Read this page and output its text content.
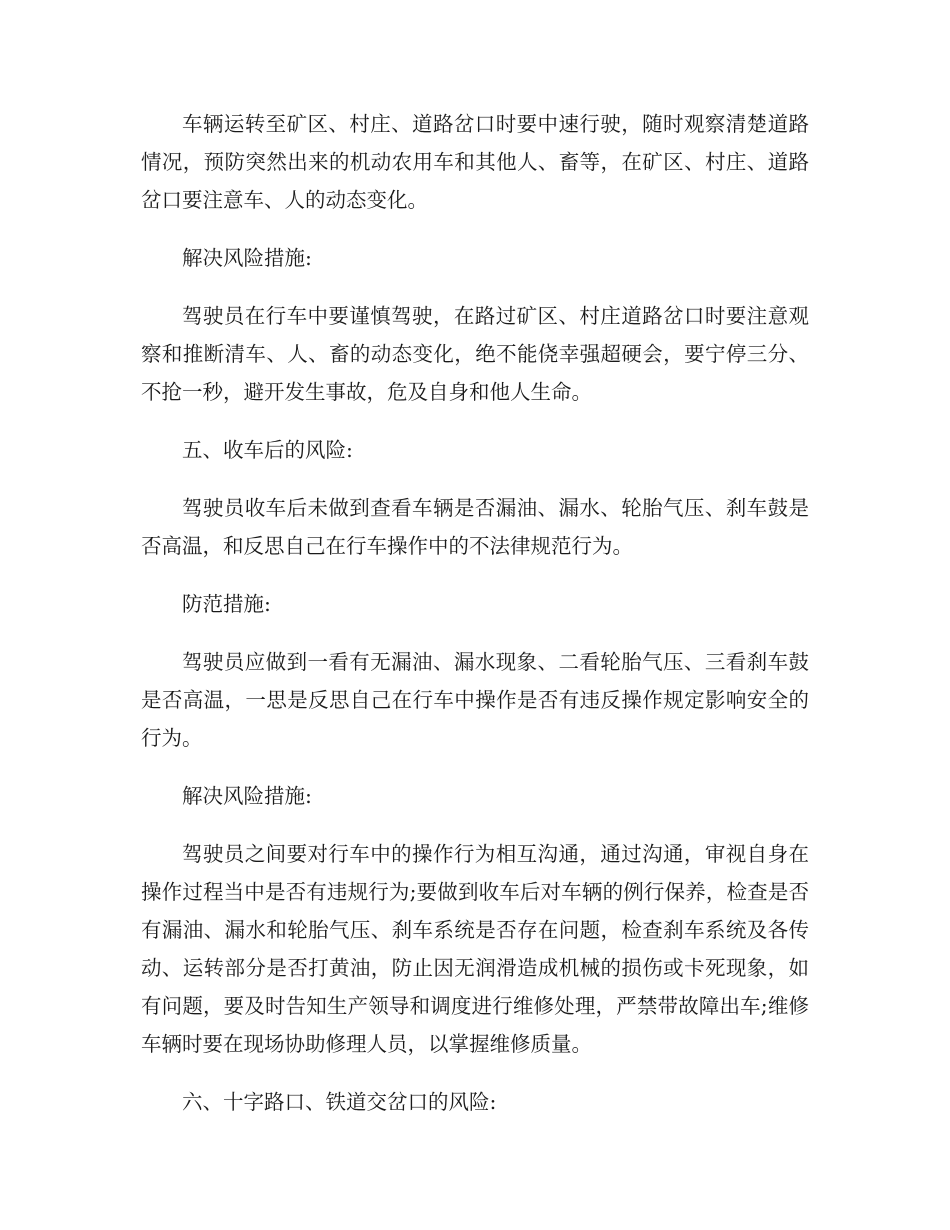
车辆运转至矿区、村庄、道路岔口时要中速行驶，随时观察清楚道路情况，预防突然出来的机动农用车和其他人、畜等，在矿区、村庄、道路岔口要注意车、人的动态变化。

解决风险措施:

驾驶员在行车中要谨慎驾驶，在路过矿区、村庄道路岔口时要注意观察和推断清车、人、畜的动态变化，绝不能侥幸强超硬会，要宁停三分、不抢一秒，避开发生事故，危及自身和他人生命。

五、收车后的风险:

驾驶员收车后未做到查看车辆是否漏油、漏水、轮胎气压、刹车鼓是否高温，和反思自己在行车操作中的不法律规范行为。

防范措施:

驾驶员应做到一看有无漏油、漏水现象、二看轮胎气压、三看刹车鼓是否高温，一思是反思自己在行车中操作是否有违反操作规定影响安全的行为。

解决风险措施:

驾驶员之间要对行车中的操作行为相互沟通，通过沟通，审视自身在操作过程当中是否有违规行为;要做到收车后对车辆的例行保养，检查是否有漏油、漏水和轮胎气压、刹车系统是否存在问题，检查刹车系统及各传动、运转部分是否打黄油，防止因无润滑造成机械的损伤或卡死现象，如有问题，要及时告知生产领导和调度进行维修处理，严禁带故障出车;维修车辆时要在现场协助修理人员，以掌握维修质量。

六、十字路口、铁道交岔口的风险:
